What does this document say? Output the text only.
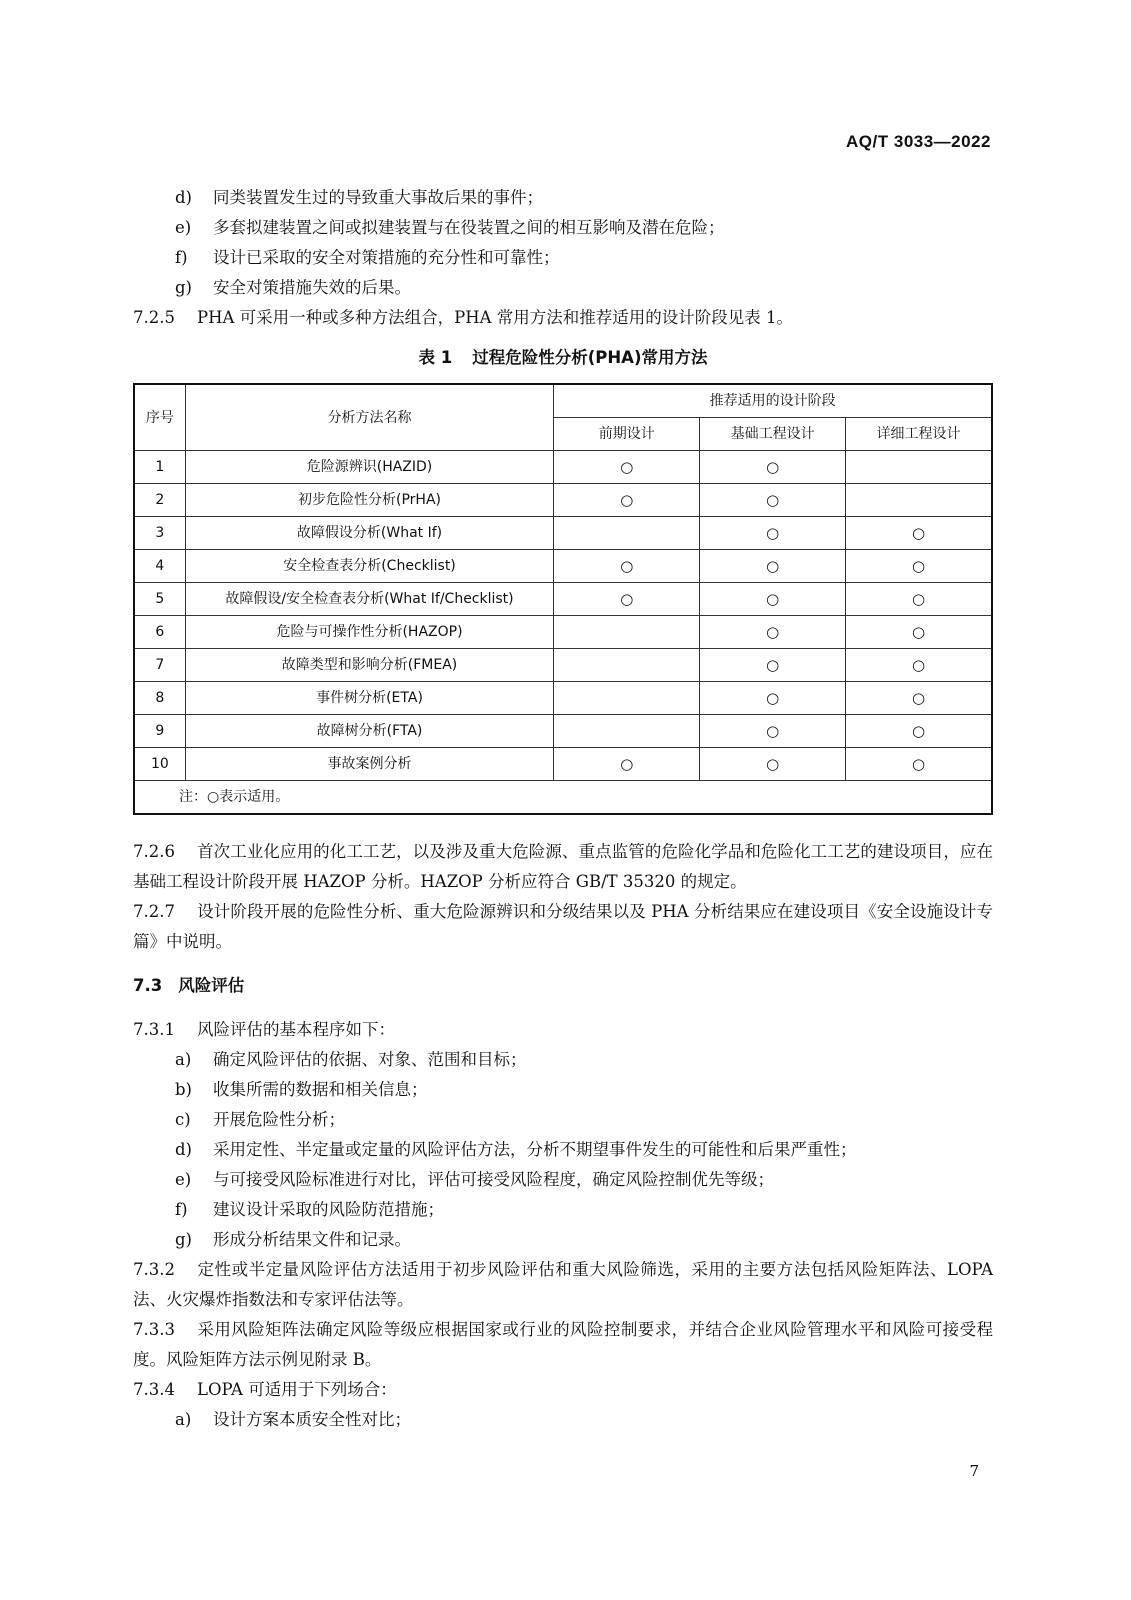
AQ/T 3033—2022

d) 同类装置发生过的导致重大事故后果的事件；

e) 多套拟建装置之间或拟建装置与在役装置之间的相互影响及潜在危险；

f) 设计已采取的安全对策措施的充分性和可靠性；

g) 安全对策措施失效的后果。

7.2.5 PHA 可采用一种或多种方法组合，PHA 常用方法和推荐适用的设计阶段见表 1。

表 1 过程危险性分析(PHA)常用方法
序号	分析方法名称	推荐适用的设计阶段		
		前期设计	基础工程设计	详细工程设计
1	危险源辨识(HAZID)	○	○	
2	初步危险性分析(PrHA)	○	○	
3	故障假设分析(What If)		○	○
4	安全检查表分析(Checklist)	○	○	○
5	故障假设/安全检查表分析(What If/Checklist)	○	○	○
6	危险与可操作性分析(HAZOP)		○	○
7	故障类型和影响分析(FMEA)		○	○
8	事件树分析(ETA)		○	○
9	故障树分析(FTA)		○	○
10	事故案例分析	○	○	○
注：○表示适用。				

7.2.6 首次工业化应用的化工工艺，以及涉及重大危险源、重点监管的危险化学品和危险化工工艺的建设项目，应在基础工程设计阶段开展 HAZOP 分析。HAZOP 分析应符合 GB/T 35320 的规定。

7.2.7 设计阶段开展的危险性分析、重大危险源辨识和分级结果以及 PHA 分析结果应在建设项目《安全设施设计专篇》中说明。

7.3 风险评估

7.3.1 风险评估的基本程序如下：

a) 确定风险评估的依据、对象、范围和目标；

b) 收集所需的数据和相关信息；

c) 开展危险性分析；

d) 采用定性、半定量或定量的风险评估方法，分析不期望事件发生的可能性和后果严重性；

e) 与可接受风险标准进行对比，评估可接受风险程度，确定风险控制优先等级；

f) 建议设计采取的风险防范措施；

g) 形成分析结果文件和记录。

7.3.2 定性或半定量风险评估方法适用于初步风险评估和重大风险筛选，采用的主要方法包括风险矩阵法、LOPA 法、火灾爆炸指数法和专家评估法等。

7.3.3 采用风险矩阵法确定风险等级应根据国家或行业的风险控制要求，并结合企业风险管理水平和风险可接受程度。风险矩阵方法示例见附录 B。

7.3.4 LOPA 可适用于下列场合：

a) 设计方案本质安全性对比；

7
